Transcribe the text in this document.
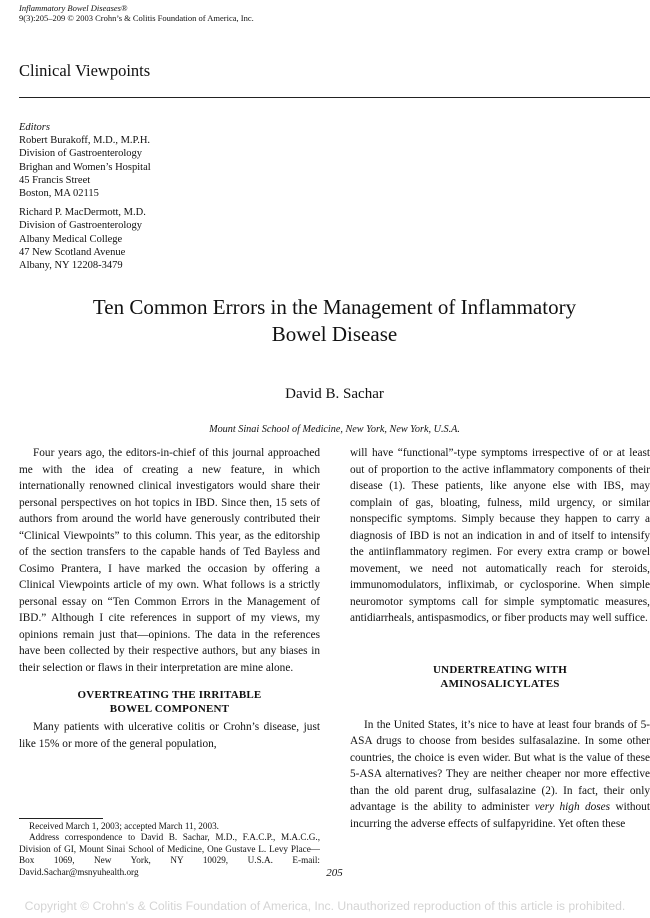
Inflammatory Bowel Diseases®
9(3):205–209 © 2003 Crohn’s & Colitis Foundation of America, Inc.
Clinical Viewpoints
Editors
Robert Burakoff, M.D., M.P.H.
Division of Gastroenterology
Brighan and Women’s Hospital
45 Francis Street
Boston, MA 02115
Richard P. MacDermott, M.D.
Division of Gastroenterology
Albany Medical College
47 New Scotland Avenue
Albany, NY 12208-3479
Ten Common Errors in the Management of Inflammatory
Bowel Disease
David B. Sachar
Mount Sinai School of Medicine, New York, New York, U.S.A.

Four years ago, the editors-in-chief of this journal approached me with the idea of creating a new feature, in which internationally renowned clinical investigators would share their personal perspectives on hot topics in IBD. Since then, 15 sets of authors from around the world have generously contributed their “Clinical Viewpoints” to this column. This year, as the editorship of the section transfers to the capable hands of Ted Bayless and Cosimo Prantera, I have marked the occasion by offering a Clinical Viewpoints article of my own. What follows is a strictly personal essay on “Ten Common Errors in the Management of IBD.” Although I cite references in support of my views, my opinions remain just that—opinions. The data in the references have been collected by their respective authors, but any biases in their selection or flaws in their interpretation are mine alone.

OVERTREATING THE IRRITABLE
BOWEL COMPONENT

Many patients with ulcerative colitis or Crohn’s disease, just like 15% or more of the general population,

will have “functional”-type symptoms irrespective of or at least out of proportion to the active inflammatory components of their disease (1). These patients, like anyone else with IBS, may complain of gas, bloating, fulness, mild urgency, or similar nonspecific symptoms. Simply because they happen to carry a diagnosis of IBD is not an indication in and of itself to intensify the antiinflammatory regimen. For every extra cramp or bowel movement, we need not automatically reach for steroids, immunomodulators, infliximab, or cyclosporine. When simple neuromotor symptoms call for simple symptomatic measures, antidiarrheals, antispasmodics, or fiber products may well suffice.

UNDERTREATING WITH
AMINOSALICYLATES

In the United States, it’s nice to have at least four brands of 5-ASA drugs to choose from besides sulfasalazine. In some other countries, the choice is even wider. But what is the value of these 5-ASA alternatives? They are neither cheaper nor more effective than the old parent drug, sulfasalazine (2). In fact, their only advantage is the ability to administer very high doses without incurring the adverse effects of sulfapyridine. Yet often these

Received March 1, 2003; accepted March 11, 2003.

Address correspondence to David B. Sachar, M.D., F.A.C.P., M.A.C.G., Division of GI, Mount Sinai School of Medicine, One Gustave L. Levy Place—Box 1069, New York, NY 10029, U.S.A. E-mail: David.Sachar@msnyuhealth.org	205
Copyright © Crohn's & Colitis Foundation of America, Inc. Unauthorized reproduction of this article is prohibited.
